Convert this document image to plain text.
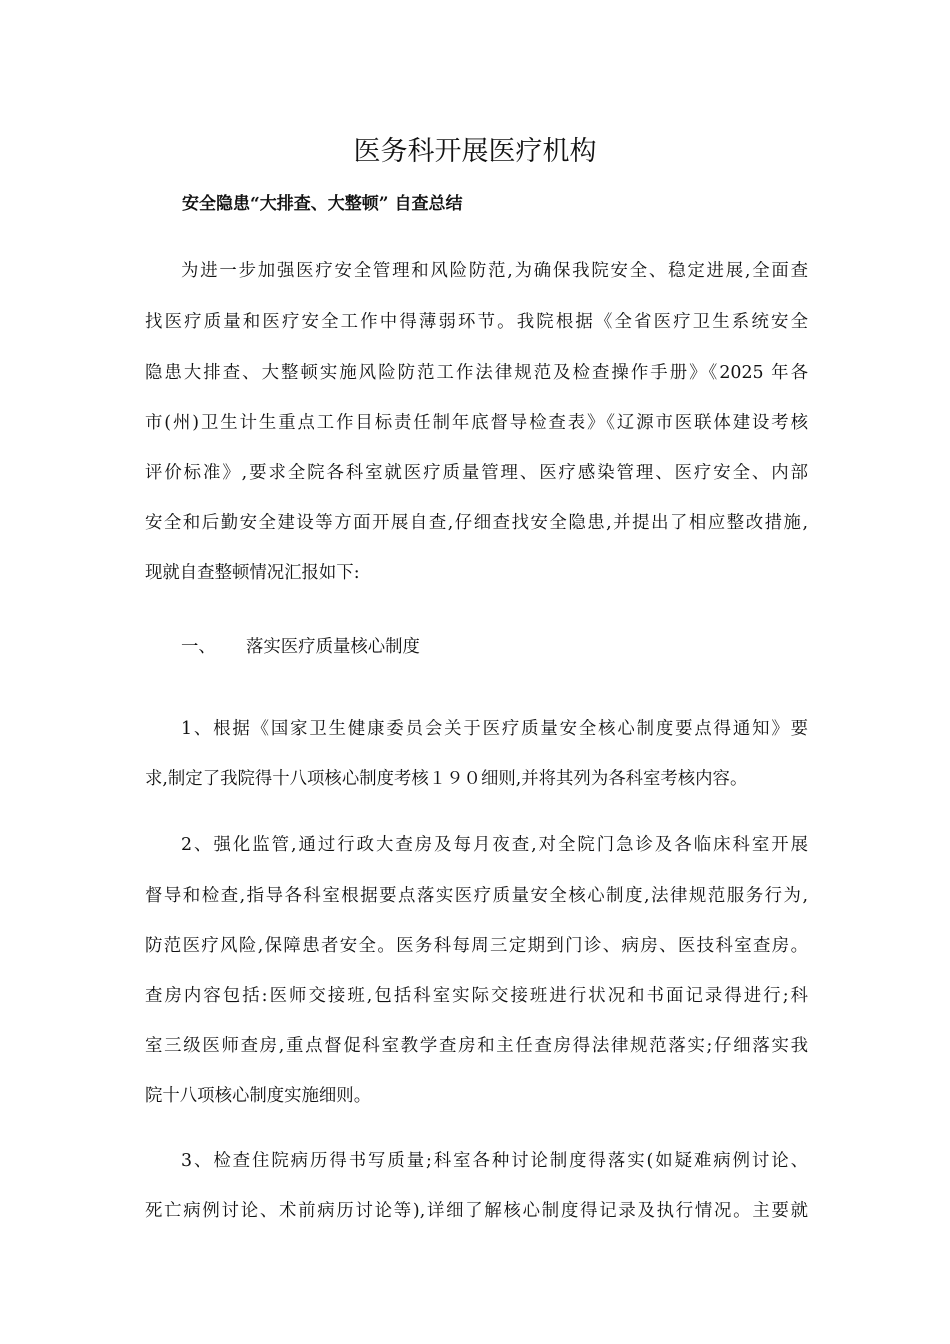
医务科开展医疗机构
安全隐患“大排查、大整顿” 自查总结
为进一步加强医疗安全管理和风险防范,为确保我院安全、稳定进展,全面查
找医疗质量和医疗安全工作中得薄弱环节。我院根据《全省医疗卫生系统安全
隐患大排查、大整顿实施风险防范工作法律规范及检查操作手册》《2025 年各
市(州)卫生计生重点工作目标责任制年底督导检查表》《辽源市医联体建设考核
评价标准》,要求全院各科室就医疗质量管理、医疗感染管理、医疗安全、内部
安全和后勤安全建设等方面开展自查,仔细查找安全隐患,并提出了相应整改措施,
现就自查整顿情况汇报如下:
一、 落实医疗质量核心制度
1、根据《国家卫生健康委员会关于医疗质量安全核心制度要点得通知》要
求,制定了我院得十八项核心制度考核１９０细则,并将其列为各科室考核内容。
2、强化监管,通过行政大查房及每月夜查,对全院门急诊及各临床科室开展
督导和检查,指导各科室根据要点落实医疗质量安全核心制度,法律规范服务行为,
防范医疗风险,保障患者安全。医务科每周三定期到门诊、病房、医技科室查房。
查房内容包括:医师交接班,包括科室实际交接班进行状况和书面记录得进行;科
室三级医师查房,重点督促科室教学查房和主任查房得法律规范落实;仔细落实我
院十八项核心制度实施细则。
3、检查住院病历得书写质量;科室各种讨论制度得落实(如疑难病例讨论、
死亡病例讨论、术前病历讨论等),详细了解核心制度得记录及执行情况。主要就
